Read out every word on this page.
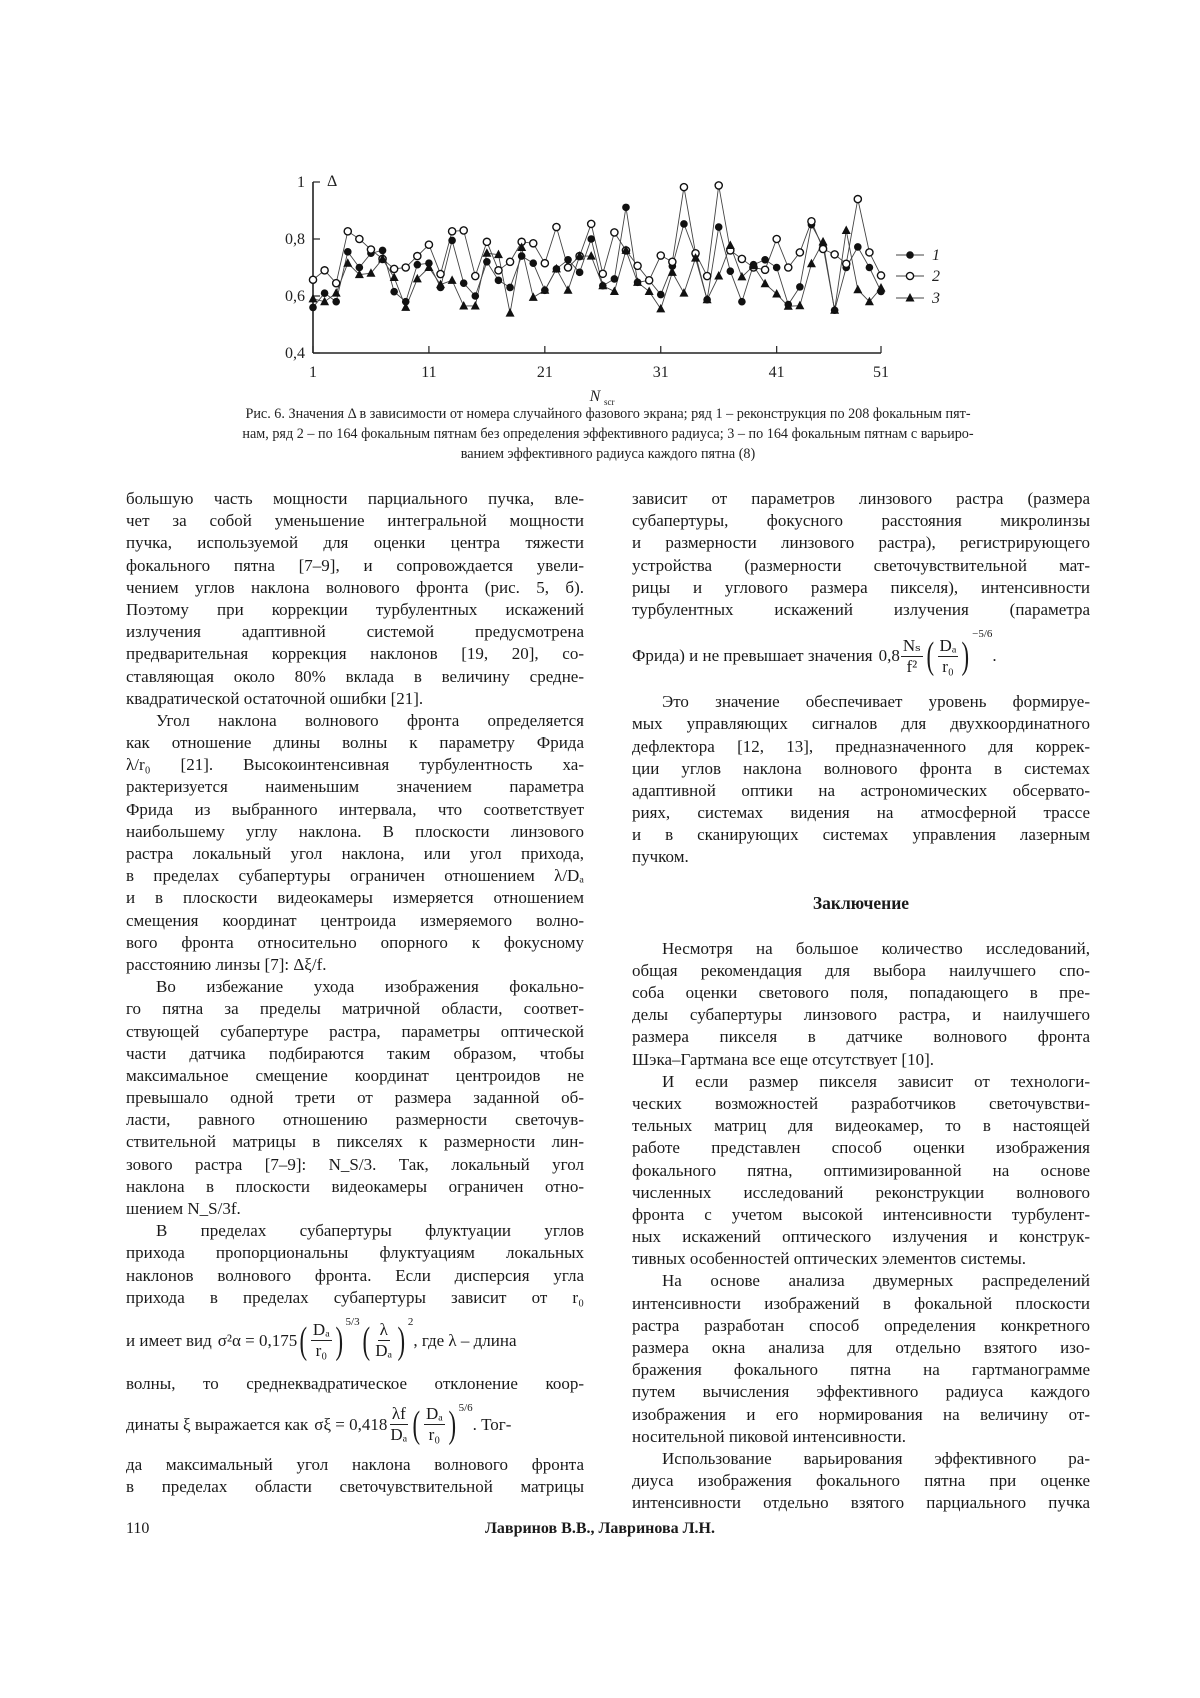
0,4
0,6
0,8
1
1	11	21	31	41	51
Δ
N scr
1
2
3
Рис. 6. Значения Δ в зависимости от номера случайного фазового экрана; ряд 1 – реконструкция по 208 фокальным пят-
нам, ряд 2 – по 164 фокальным пятнам без определения эффективного радиуса; 3 – по 164 фокальным пятнам с варьиро-
ванием эффективного радиуса каждого пятна (8)
большую часть мощности парциального пучка, вле-
чет за собой уменьшение интегральной мощности
пучка, используемой для оценки центра тяжести
фокального пятна [7–9], и сопровождается увели-
чением углов наклона волнового фронта (рис. 5, б).
Поэтому при коррекции турбулентных искажений
излучения адаптивной системой предусмотрена
предварительная коррекция наклонов [19, 20], со-
ставляющая около 80% вклада в величину средне-
квадратической остаточной ошибки [21].
Угол наклона волнового фронта определяется
как отношение длины волны к параметру Фрида
λ/r₀ [21]. Высокоинтенсивная турбулентность ха-
рактеризуется наименьшим значением параметра
Фрида из выбранного интервала, что соответствует
наибольшему углу наклона. В плоскости линзового
растра локальный угол наклона, или угол прихода,
в пределах субапертуры ограничен отношением λ/Dₐ
и в плоскости видеокамеры измеряется отношением
смещения координат центроида измеряемого волно-
вого фронта относительно опорного к фокусному
расстоянию линзы [7]: Δξ/f.
Во избежание ухода изображения фокально-
го пятна за пределы матричной области, соответ-
ствующей субапертуре растра, параметры оптической
части датчика подбираются таким образом, чтобы
максимальное смещение координат центроидов не
превышало одной трети от размера заданной об-
ласти, равного отношению размерности светочув-
ствительной матрицы в пикселях к размерности лин-
зового растра [7–9]: N_S/3. Так, локальный угол
наклона в плоскости видеокамеры ограничен отно-
шением N_S/3f.
В пределах субапертуры флуктуации углов
прихода пропорциональны флуктуациям локальных
наклонов волнового фронта. Если дисперсия угла
прихода в пределах субапертуры зависит от r₀
и имеет вид σ²α = 0,175 ( Dₐ
r₀ ) 5/3 ( λ
Dₐ ) 2
, где λ – длина
волны, то среднеквадратическое отклонение коор-
динаты ξ выражается как σξ = 0,418
λf
Dₐ ( Dₐ
r₀ ) 5/6
. Тог-
да максимальный угол наклона волнового фронта
в пределах области светочувствительной матрицы
зависит от параметров линзового растра (размера
субапертуры, фокусного расстояния микролинзы
и размерности линзового растра), регистрирующего
устройства (размерности светочувствительной мат-
рицы и углового размера пикселя), интенсивности
турбулентных искажений излучения (параметра
Фрида) и не превышает значения 0,8
Nₛ
f² ( Dₐ
r₀ )
−5/6
.
Это значение обеспечивает уровень формируе-
мых управляющих сигналов для двухкоординатного
дефлектора [12, 13], предназначенного для коррек-
ции углов наклона волнового фронта в системах
адаптивной оптики на астрономических обсервато-
риях, системах видения на атмосферной трассе
и в сканирующих системах управления лазерным
пучком.
Заключение
Несмотря на большое количество исследований,
общая рекомендация для выбора наилучшего спо-
соба оценки светового поля, попадающего в пре-
делы субапертуры линзового растра, и наилучшего
размера пикселя в датчике волнового фронта
Шэка–Гартмана все еще отсутствует [10].
И если размер пикселя зависит от технологи-
ческих возможностей разработчиков светочувстви-
тельных матриц для видеокамер, то в настоящей
работе представлен способ оценки изображения
фокального пятна, оптимизированной на основе
численных исследований реконструкции волнового
фронта с учетом высокой интенсивности турбулент-
ных искажений оптического излучения и конструк-
тивных особенностей оптических элементов системы.
На основе анализа двумерных распределений
интенсивности изображений в фокальной плоскости
растра разработан способ определения конкретного
размера окна анализа для отдельно взятого изо-
бражения фокального пятна на гартманограмме
путем вычисления эффективного радиуса каждого
изображения и его нормирования на величину от-
носительной пиковой интенсивности.
Использование варьирования эффективного ра-
диуса изображения фокального пятна при оценке
интенсивности отдельно взятого парциального пучка
110	Лавринов В.В., Лавринова Л.Н.
